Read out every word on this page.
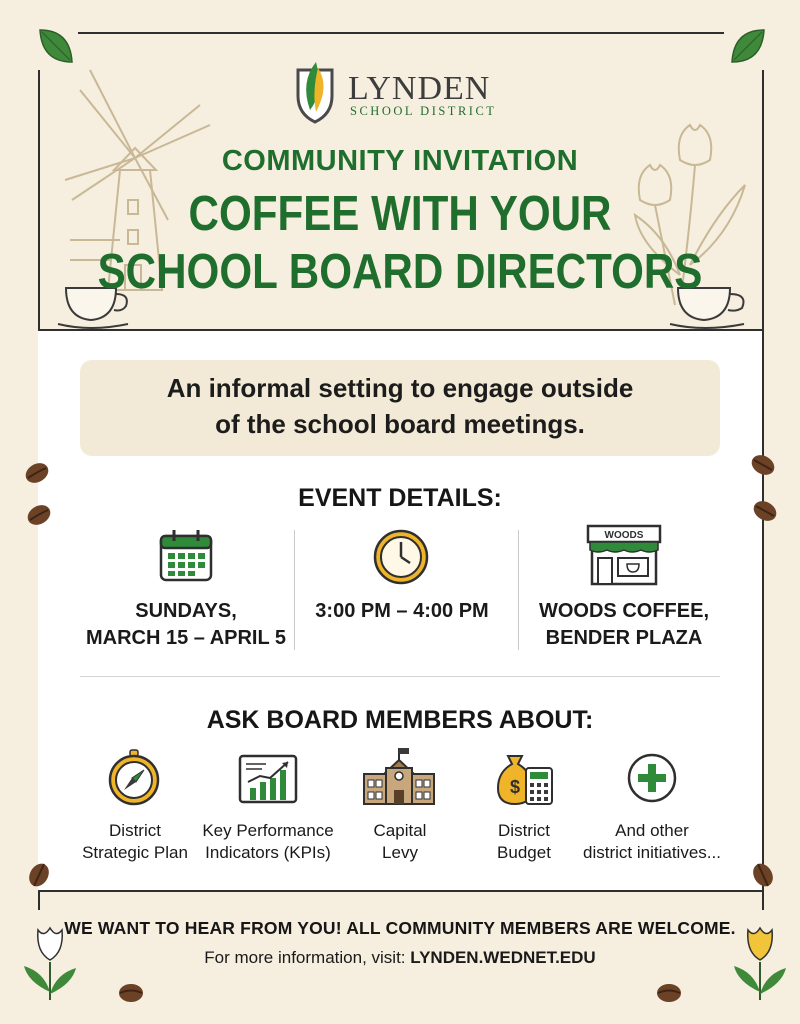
LYNDEN
SCHOOL DISTRICT
COMMUNITY INVITATION
COFFEE WITH YOUR
SCHOOL BOARD DIRECTORS
An informal setting to engage outside
of the school board meetings.
EVENT DETAILS:
WOODS
SUNDAYS,
MARCH 15 – APRIL 5
3:00 PM – 4:00 PM	WOODS COFFEE,
BENDER PLAZA
ASK BOARD MEMBERS ABOUT:
$
District
Strategic Plan
Key Performance
Indicators (KPIs)
Capital
Levy
District
Budget
And other
district initiatives...
WE WANT TO HEAR FROM YOU! ALL COMMUNITY MEMBERS ARE WELCOME.
For more information, visit: LYNDEN.WEDNET.EDU
